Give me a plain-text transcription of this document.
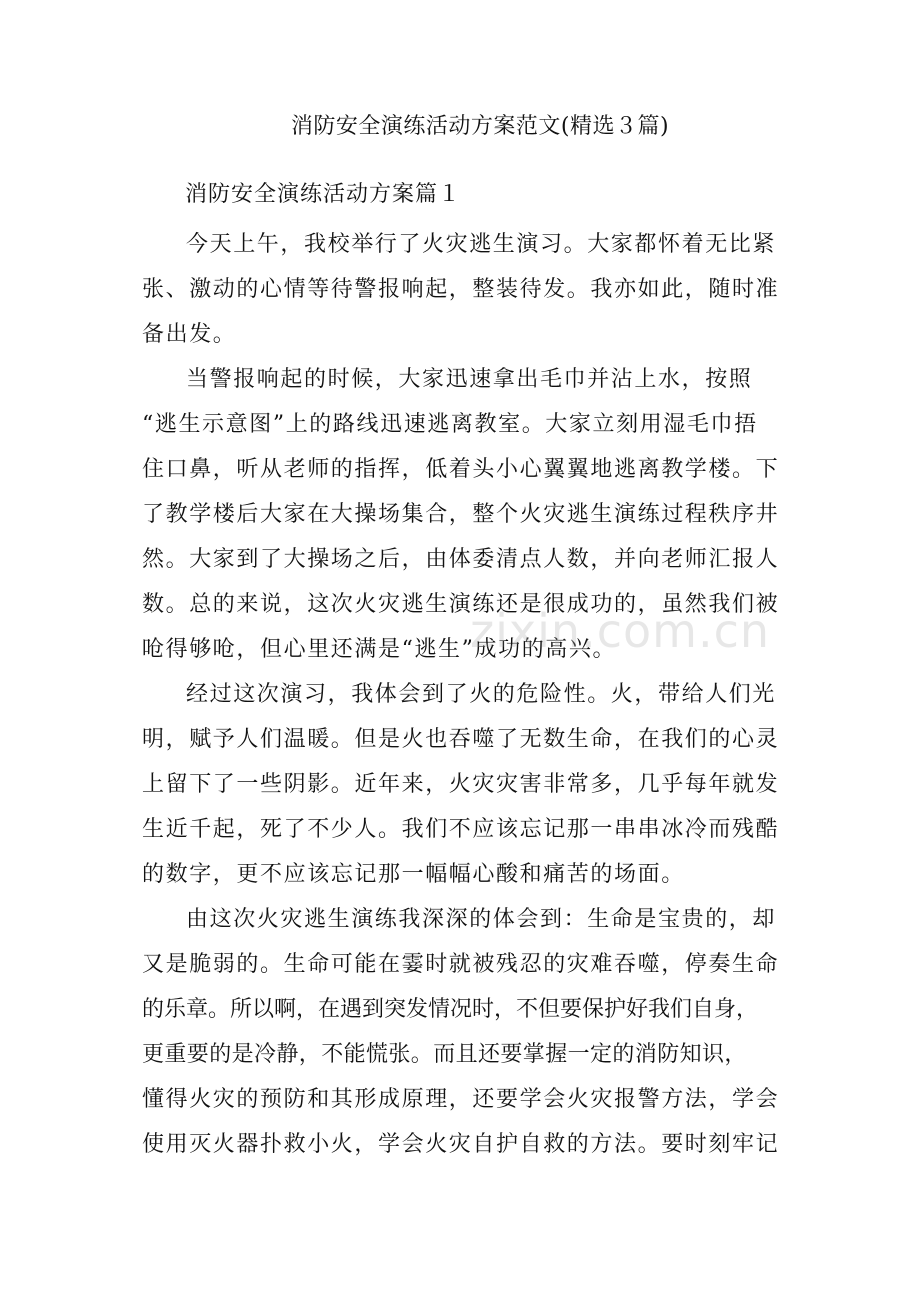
消防安全演练活动方案范文(精选３篇)
消防安全演练活动方案篇１
今天上午，我校举行了火灾逃生演习。大家都怀着无比紧
张、激动的心情等待警报响起，整装待发。我亦如此，随时准
备出发。
当警报响起的时候，大家迅速拿出毛巾并沾上水，按照
“逃生示意图”上的路线迅速逃离教室。大家立刻用湿毛巾捂
住口鼻，听从老师的指挥，低着头小心翼翼地逃离教学楼。下
了教学楼后大家在大操场集合，整个火灾逃生演练过程秩序井
然。大家到了大操场之后，由体委清点人数，并向老师汇报人
数。总的来说，这次火灾逃生演练还是很成功的，虽然我们被
呛得够呛，但心里还满是“逃生”成功的高兴。
经过这次演习，我体会到了火的危险性。火，带给人们光
明，赋予人们温暖。但是火也吞噬了无数生命，在我们的心灵
上留下了一些阴影。近年来，火灾灾害非常多，几乎每年就发
生近千起，死了不少人。我们不应该忘记那一串串冰冷而残酷
的数字，更不应该忘记那一幅幅心酸和痛苦的场面。
由这次火灾逃生演练我深深的体会到：生命是宝贵的，却
又是脆弱的。生命可能在霎时就被残忍的灾难吞噬，停奏生命
的乐章。所以啊，在遇到突发情况时，不但要保护好我们自身，
更重要的是冷静，不能慌张。而且还要掌握一定的消防知识，
懂得火灾的预防和其形成原理，还要学会火灾报警方法，学会
使用灭火器扑救小火，学会火灾自护自救的方法。要时刻牢记
zixin.com.cn
